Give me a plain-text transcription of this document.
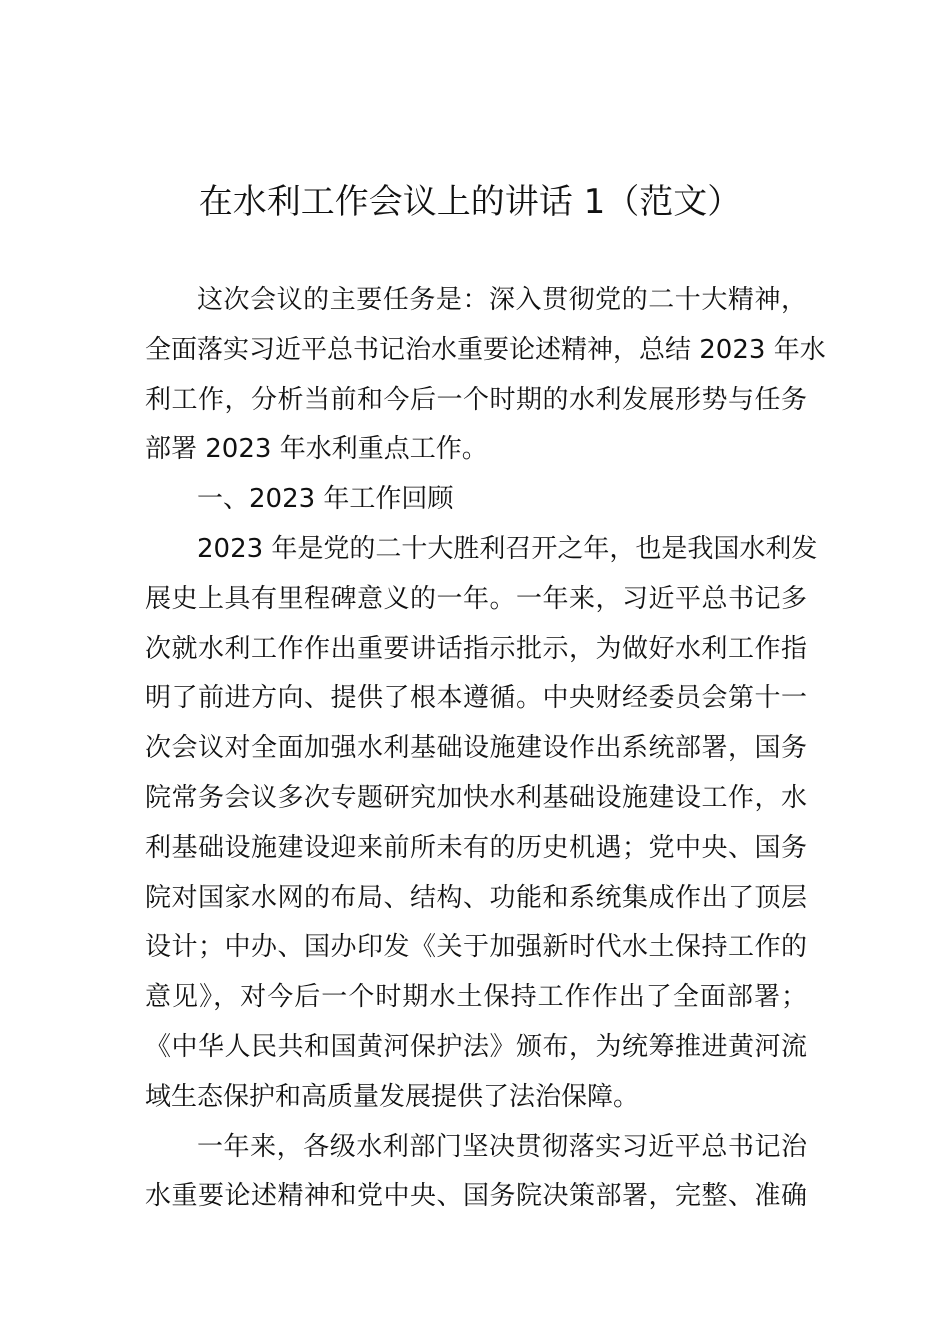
在水利工作会议上的讲话 1（范文）

这次会议的主要任务是：深入贯彻党的二十大精神，
全面落实习近平总书记治水重要论述精神，总结 2023 年水
利工作，分析当前和今后一个时期的水利发展形势与任务
部署 2023 年水利重点工作。

一、2023 年工作回顾

2023 年是党的二十大胜利召开之年，也是我国水利发
展史上具有里程碑意义的一年。一年来，习近平总书记多
次就水利工作作出重要讲话指示批示，为做好水利工作指
明了前进方向、提供了根本遵循。中央财经委员会第十一
次会议对全面加强水利基础设施建设作出系统部署，国务
院常务会议多次专题研究加快水利基础设施建设工作，水
利基础设施建设迎来前所未有的历史机遇；党中央、国务
院对国家水网的布局、结构、功能和系统集成作出了顶层
设计；中办、国办印发《关于加强新时代水土保持工作的
意见》，对今后一个时期水土保持工作作出了全面部署；
《中华人民共和国黄河保护法》颁布，为统筹推进黄河流
域生态保护和高质量发展提供了法治保障。

一年来，各级水利部门坚决贯彻落实习近平总书记治
水重要论述精神和党中央、国务院决策部署，完整、准确
